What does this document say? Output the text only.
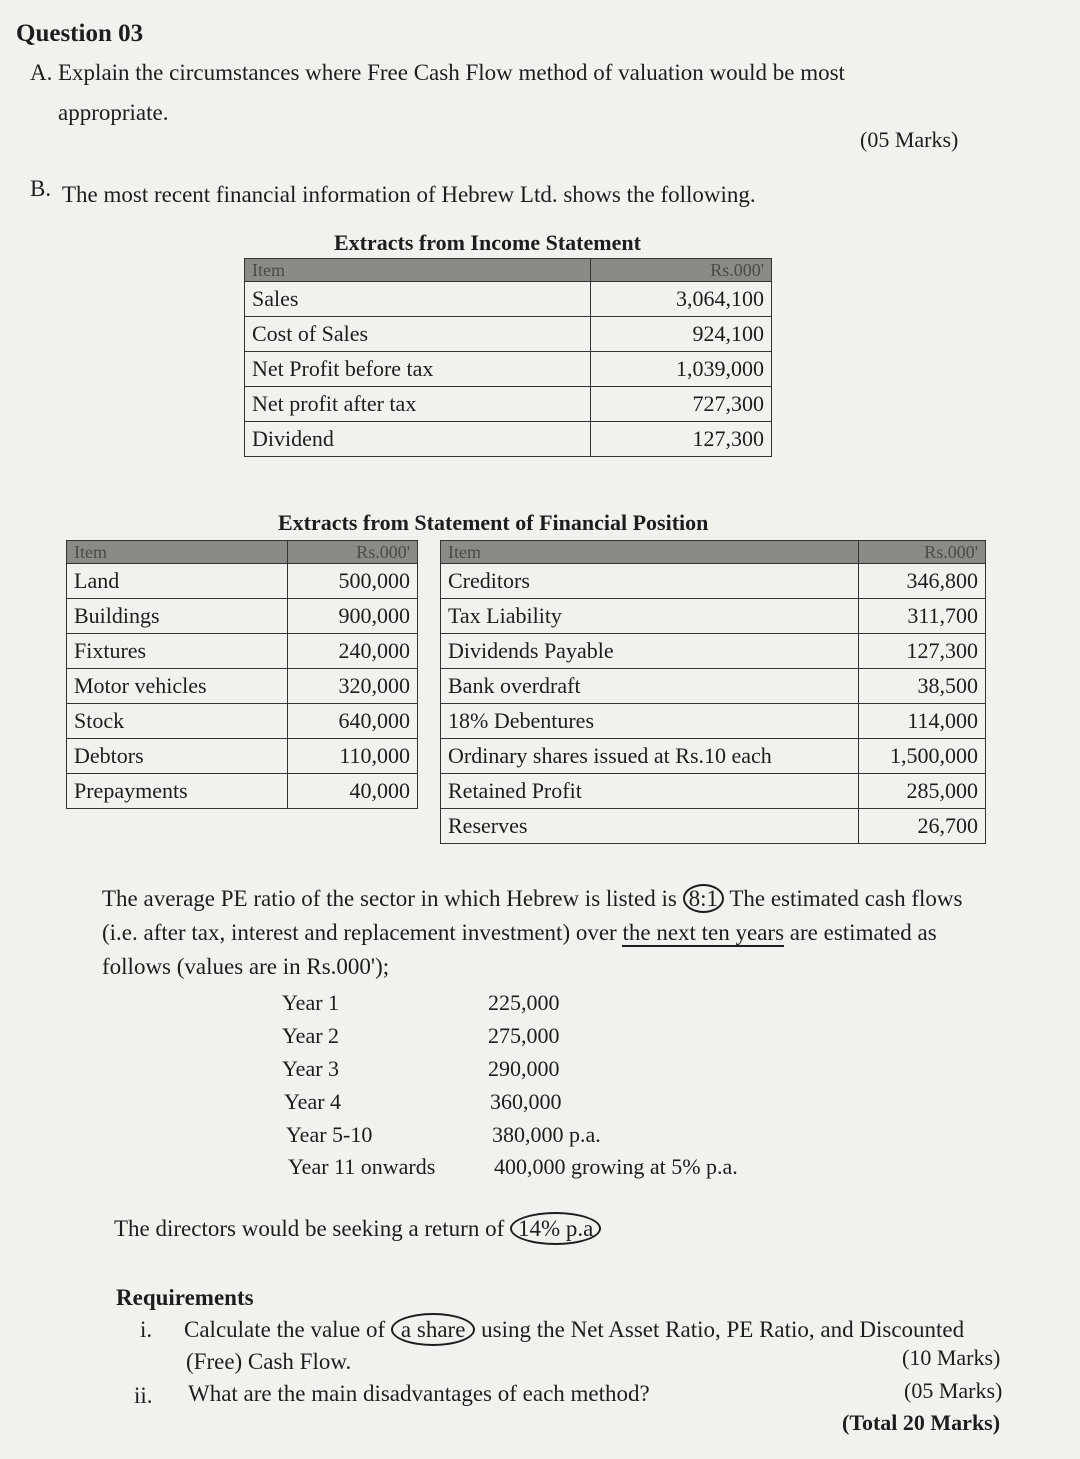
Question 03
A. Explain the circumstances where Free Cash Flow method of valuation would be most
appropriate.
(05 Marks)
B. The most recent financial information of Hebrew Ltd. shows the following.
Extracts from Income Statement
Item	Rs.000'
Sales	3,064,100
Cost of Sales	924,100
Net Profit before tax	1,039,000
Net profit after tax	727,300
Dividend	127,300
Extracts from Statement of Financial Position
Item	Rs.000'
Land	500,000
Buildings	900,000
Fixtures	240,000
Motor vehicles	320,000
Stock	640,000
Debtors	110,000
Prepayments	40,000
Item	Rs.000'
Creditors	346,800
Tax Liability	311,700
Dividends Payable	127,300
Bank overdraft	38,500
18% Debentures	114,000
Ordinary shares issued at Rs.10 each	1,500,000
Retained Profit	285,000
Reserves	26,700
The average PE ratio of the sector in which Hebrew is listed is 8:1 The estimated cash flows
(i.e. after tax, interest and replacement investment) over the next ten years are estimated as
follows (values are in Rs.000');
Year 1	225,000
Year 2	275,000
Year 3	290,000
Year 4	360,000
Year 5-10	380,000 p.a.
Year 11 onwards	400,000 growing at 5% p.a.
The directors would be seeking a return of 14% p.a
Requirements
i. Calculate the value of a share using the Net Asset Ratio, PE Ratio, and Discounted
(Free) Cash Flow.	(10 Marks)
ii. What are the main disadvantages of each method?	(05 Marks)
(Total 20 Marks)
